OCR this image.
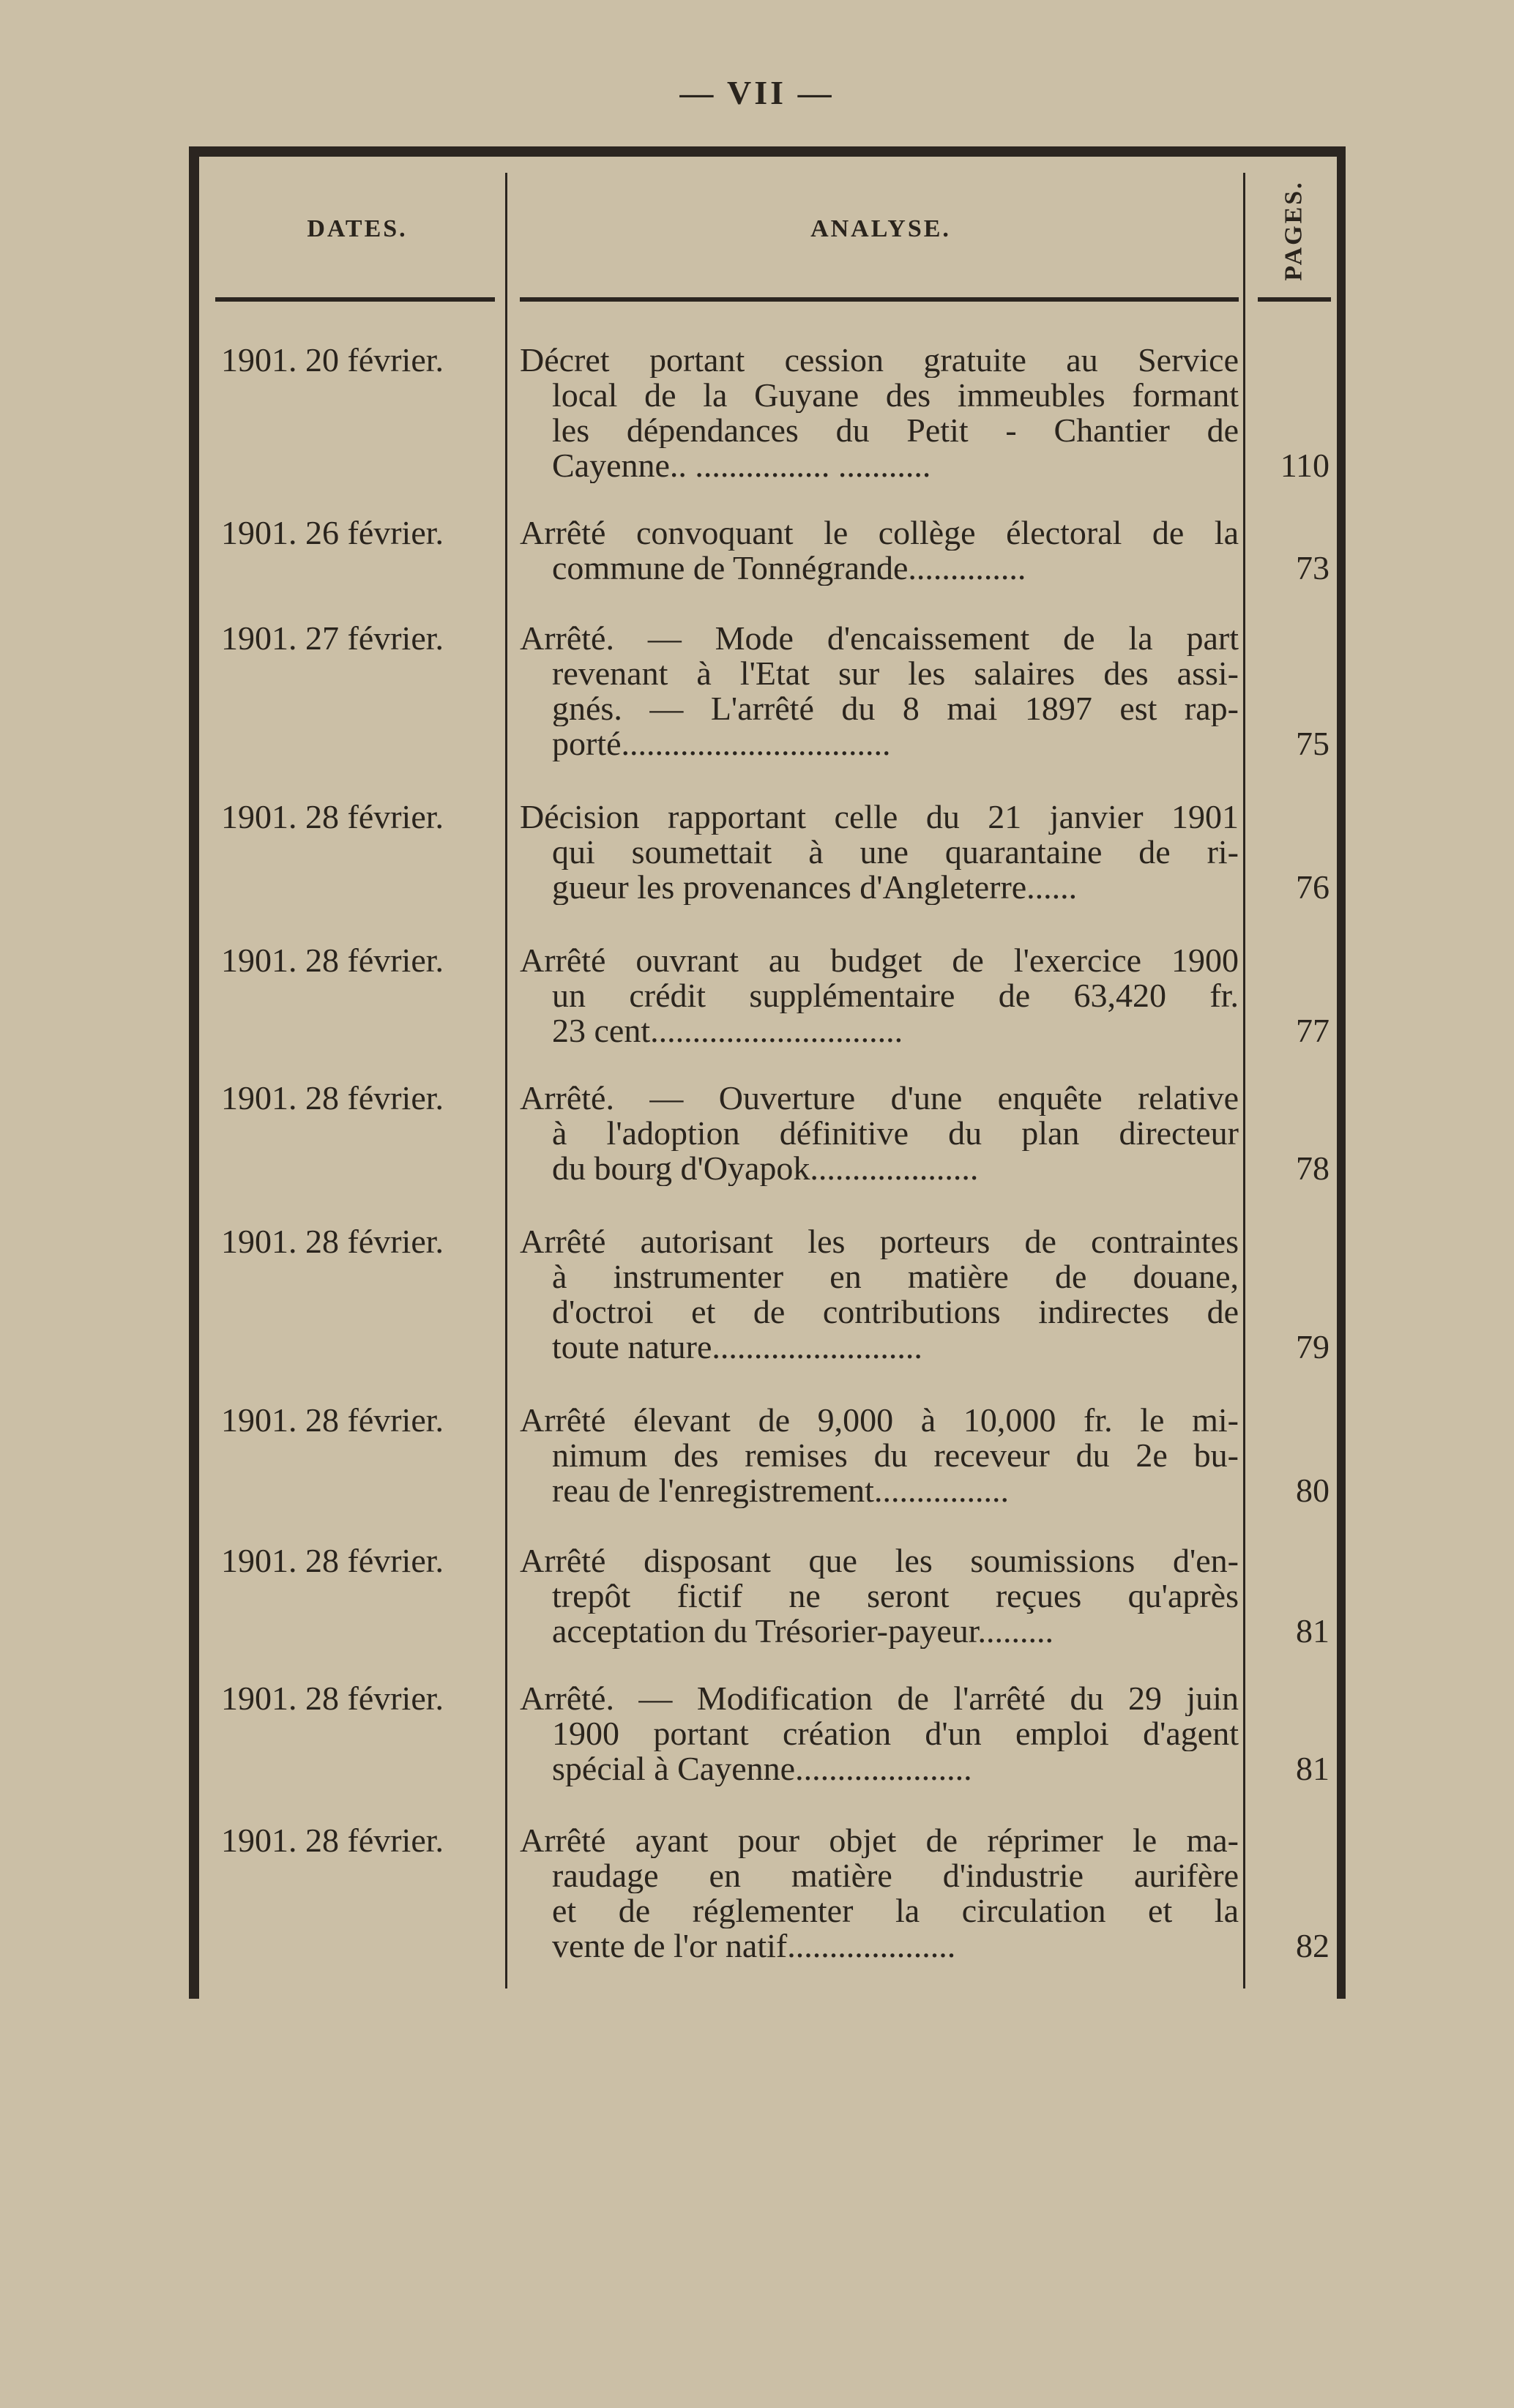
— VII —
DATES.	ANALYSE.	PAGES.
1901. 20 février.	Décret portant cession gratuite au Service
local de la Guyane des immeubles formant
les dépendances du Petit - Chantier de
Cayenne.. ................ ...........	110
1901. 26 février.	Arrêté convoquant le collège électoral de la
commune de Tonnégrande..............	73
1901. 27 février.	Arrêté. — Mode d'encaissement de la part
revenant à l'Etat sur les salaires des assi-
gnés. — L'arrêté du 8 mai 1897 est rap-
porté................................	75
1901. 28 février.	Décision rapportant celle du 21 janvier 1901
qui soumettait à une quarantaine de ri-
gueur les provenances d'Angleterre......	76
1901. 28 février.	Arrêté ouvrant au budget de l'exercice 1900
un crédit supplémentaire de 63,420 fr.
23 cent..............................	77
1901. 28 février.	Arrêté. — Ouverture d'une enquête relative
à l'adoption définitive du plan directeur
du bourg d'Oyapok....................	78
1901. 28 février.	Arrêté autorisant les porteurs de contraintes
à instrumenter en matière de douane,
d'octroi et de contributions indirectes de
toute nature.........................	79
1901. 28 février.	Arrêté élevant de 9,000 à 10,000 fr. le mi-
nimum des remises du receveur du 2e bu-
reau de l'enregistrement................	80
1901. 28 février.	Arrêté disposant que les soumissions d'en-
trepôt fictif ne seront reçues qu'après
acceptation du Trésorier-payeur.........	81
1901. 28 février.	Arrêté. — Modification de l'arrêté du 29 juin
1900 portant création d'un emploi d'agent
spécial à Cayenne.....................	81
1901. 28 février.	Arrêté ayant pour objet de réprimer le ma-
raudage en matière d'industrie aurifère
et de réglementer la circulation et la
vente de l'or natif....................	82
